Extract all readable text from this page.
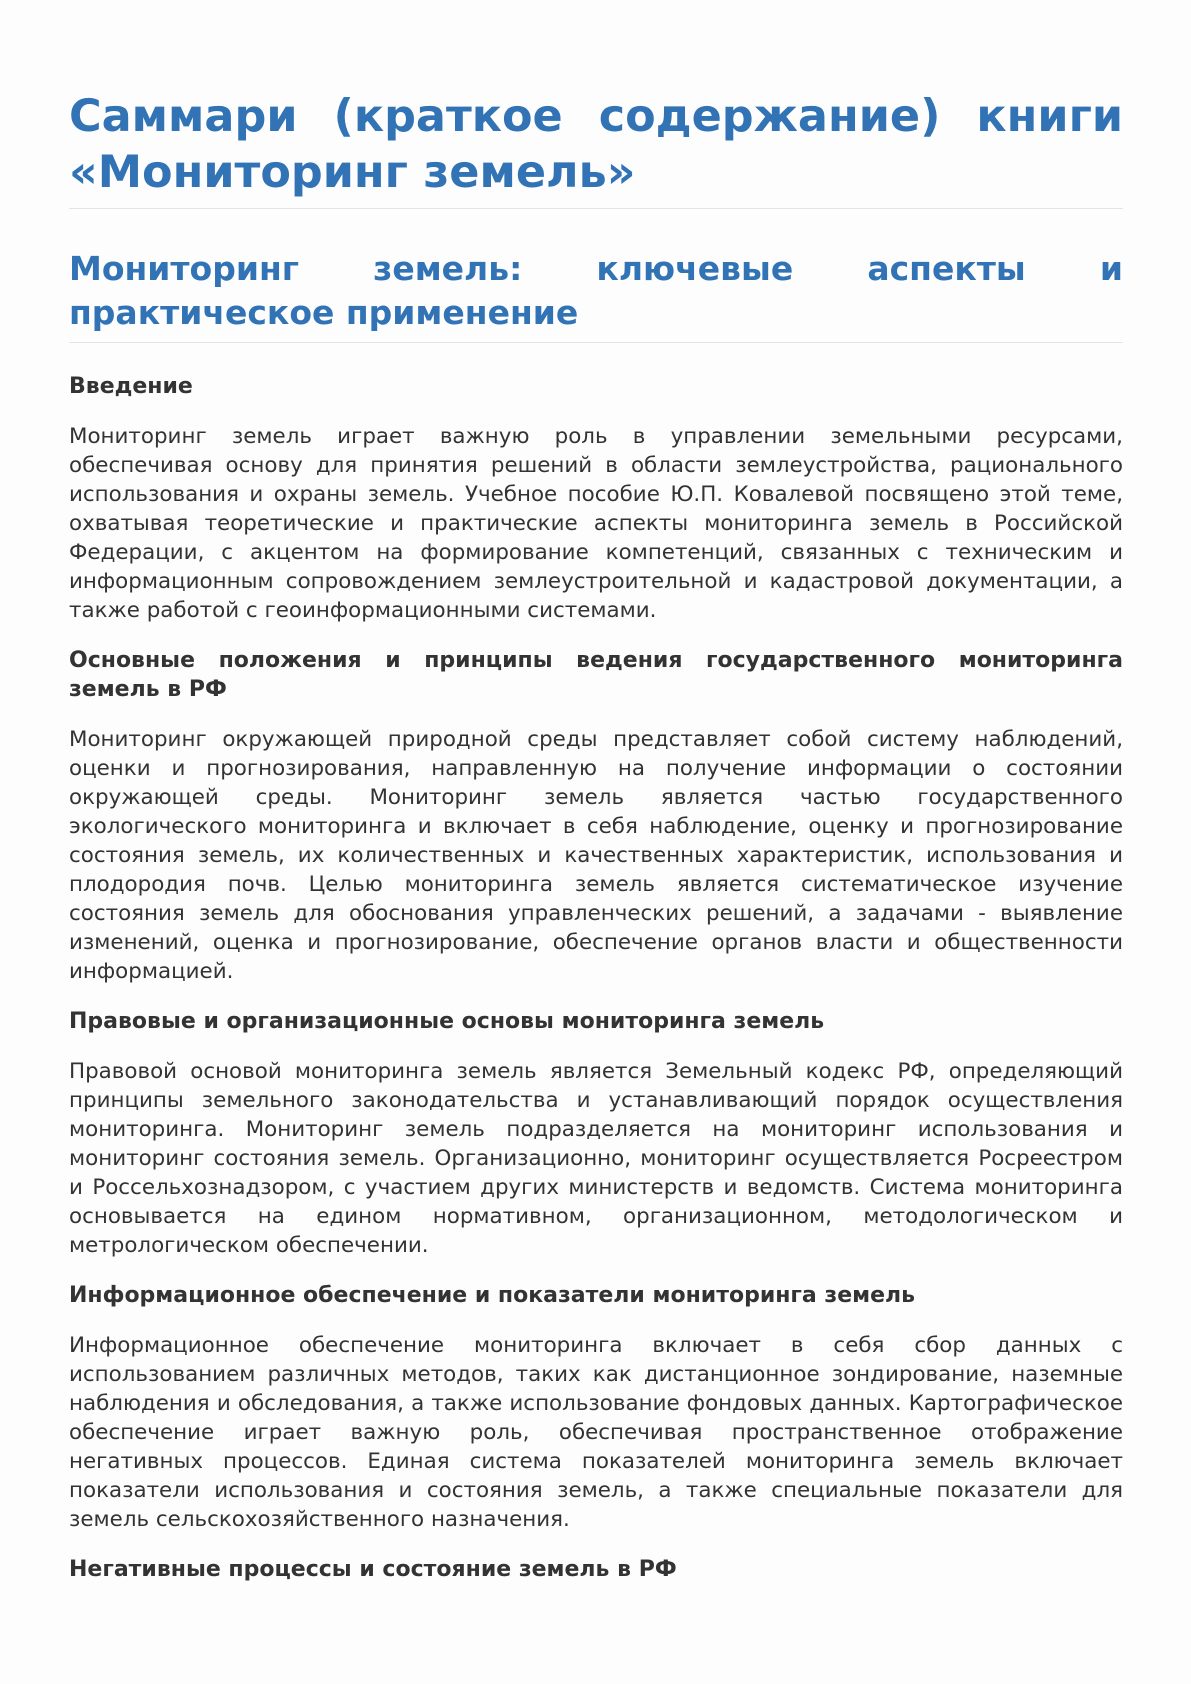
Саммари (краткое содержание) книги «Мониторинг земель»
Мониторинг земель: ключевые аспекты и практическое применение
Введение

Мониторинг земель играет важную роль в управлении земельными ресурсами, обеспечивая основу для принятия решений в области землеустройства, рационального использования и охраны земель. Учебное пособие Ю.П. Ковалевой посвящено этой теме, охватывая теоретические и практические аспекты мониторинга земель в Российской Федерации, с акцентом на формирование компетенций, связанных с техническим и информационным сопровождением землеустроительной и кадастровой документации, а также работой с геоинформационными системами.

Основные положения и принципы ведения государственного мониторинга земель в РФ

Мониторинг окружающей природной среды представляет собой систему наблюдений, оценки и прогнозирования, направленную на получение информации о состоянии окружающей среды. Мониторинг земель является частью государственного экологического мониторинга и включает в себя наблюдение, оценку и прогнозирование состояния земель, их количественных и качественных характеристик, использования и плодородия почв. Целью мониторинга земель является систематическое изучение состояния земель для обоснования управленческих решений, а задачами - выявление изменений, оценка и прогнозирование, обеспечение органов власти и общественности информацией.

Правовые и организационные основы мониторинга земель

Правовой основой мониторинга земель является Земельный кодекс РФ, определяющий принципы земельного законодательства и устанавливающий порядок осуществления мониторинга. Мониторинг земель подразделяется на мониторинг использования и мониторинг состояния земель. Организационно, мониторинг осуществляется Росреестром и Россельхознадзором, с участием других министерств и ведомств. Система мониторинга основывается на едином нормативном, организационном, методологическом и метрологическом обеспечении.

Информационное обеспечение и показатели мониторинга земель

Информационное обеспечение мониторинга включает в себя сбор данных с использованием различных методов, таких как дистанционное зондирование, наземные наблюдения и обследования, а также использование фондовых данных. Картографическое обеспечение играет важную роль, обеспечивая пространственное отображение негативных процессов. Единая система показателей мониторинга земель включает показатели использования и состояния земель, а также специальные показатели для земель сельскохозяйственного назначения.

Негативные процессы и состояние земель в РФ
